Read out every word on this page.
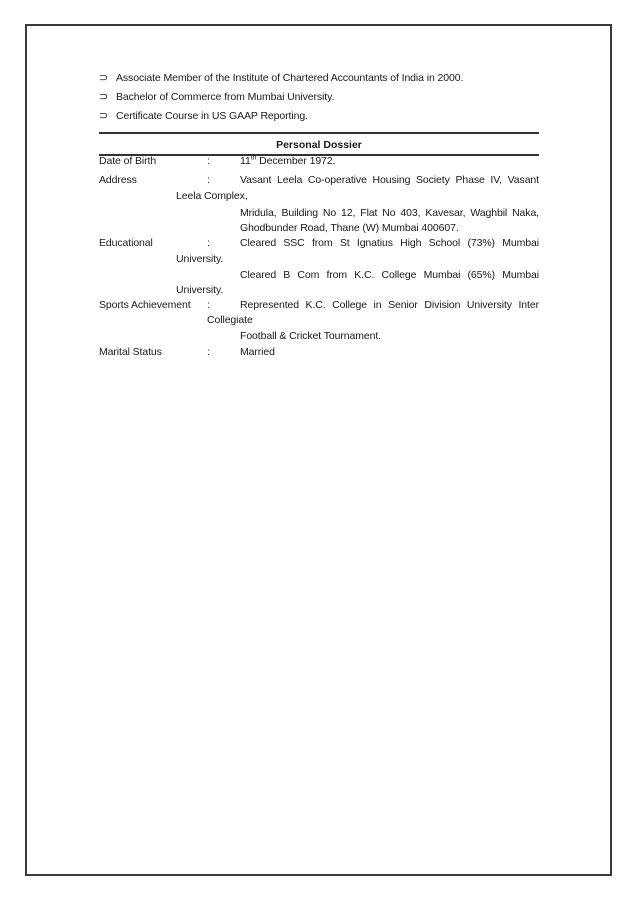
⊃ Associate Member of the Institute of Chartered Accountants of India in 2000.
⊃ Bachelor of Commerce from Mumbai University.
⊃ Certificate Course in US GAAP Reporting.
Personal Dossier
Date of Birth	:	11th December 1972.
Address	:	Vasant Leela Co-operative Housing Society Phase IV, Vasant
Leela Complex,
Mridula, Building No 12, Flat No 403, Kavesar, Waghbil Naka,
Ghodbunder Road, Thane (W) Mumbai 400607.
Educational	:	Cleared SSC from St Ignatius High School (73%) Mumbai
University.
Cleared B Com from K.C. College Mumbai (65%) Mumbai
University.
Sports Achievement :	Represented K.C. College in Senior Division University Inter
Collegiate
Football & Cricket Tournament.
Marital Status	:	Married
